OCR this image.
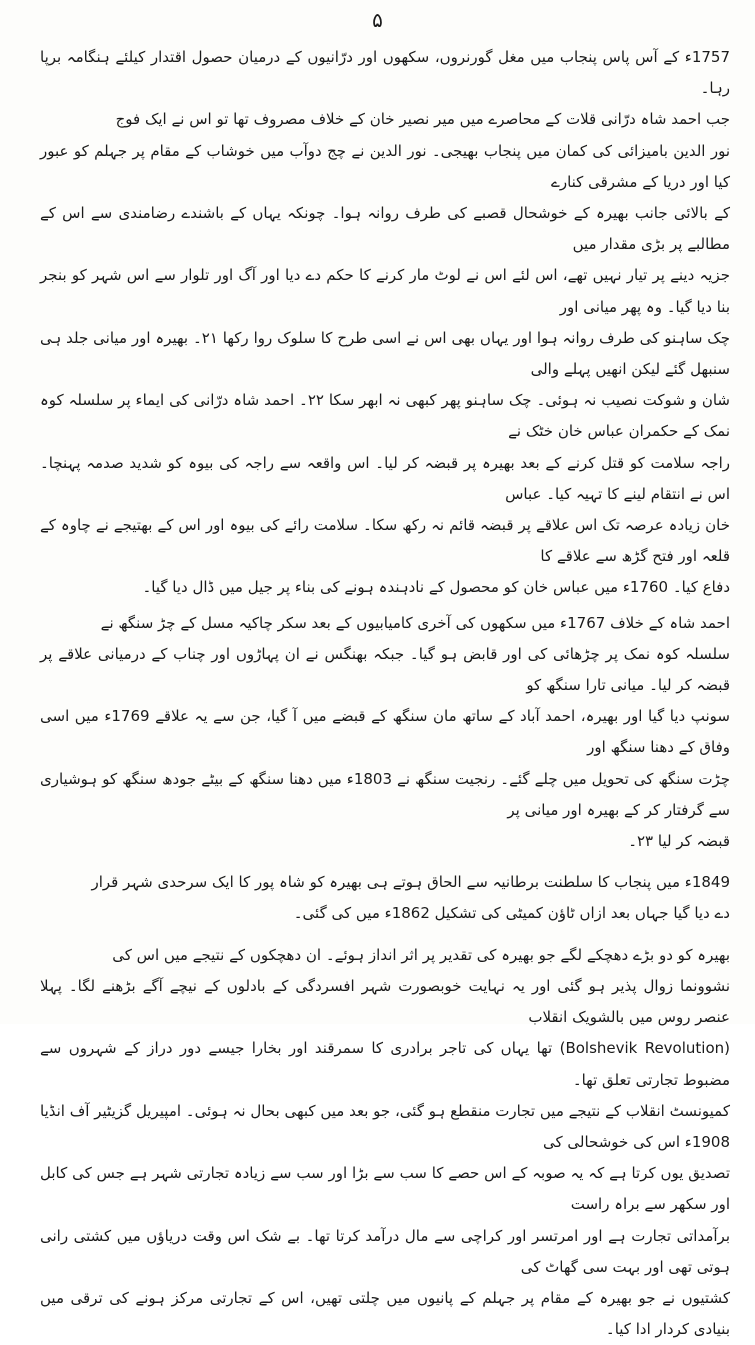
۵

1757ء کے آس پاس پنجاب میں مغل گورنروں، سکھوں اور درّانیوں کے درمیان حصول اقتدار کیلئے ہنگامہ برپا رہا۔

جب احمد شاہ درّانی قلات کے محاصرے میں میر نصیر خان کے خلاف مصروف تھا تو اس نے ایک فوج

نور الدین بامیزائی کی کمان میں پنجاب بھیجی۔ نور الدین نے چج دوآب میں خوشاب کے مقام پر جہلم کو عبور کیا اور دریا کے مشرقی کنارے

کے بالائی جانب بھیرہ کے خوشحال قصبے کی طرف روانہ ہوا۔ چونکہ یہاں کے باشندے رضامندی سے اس کے مطالبے پر بڑی مقدار میں

جزیہ دینے پر تیار نہیں تھے، اس لئے اس نے لوٹ مار کرنے کا حکم دے دیا اور آگ اور تلوار سے اس شہر کو بنجر بنا دیا گیا۔ وہ پھر میانی اور

چک ساہنو کی طرف روانہ ہوا اور یہاں بھی اس نے اسی طرح کا سلوک روا رکھا ۲۱۔ بھیرہ اور میانی جلد ہی سنبھل گئے لیکن انھیں پہلے والی

شان و شوکت نصیب نہ ہوئی۔ چک ساہنو پھر کبھی نہ ابھر سکا ۲۲۔ احمد شاہ درّانی کی ایماء پر سلسلہ کوہ نمک کے حکمران عباس خان خٹک نے

راجہ سلامت کو قتل کرنے کے بعد بھیرہ پر قبضہ کر لیا۔ اس واقعہ سے راجہ کی بیوہ کو شدید صدمہ پہنچا۔ اس نے انتقام لینے کا تہیہ کیا۔ عباس

خان زیادہ عرصہ تک اس علاقے پر قبضہ قائم نہ رکھ سکا۔ سلامت رائے کی بیوہ اور اس کے بھتیجے نے چاوہ کے قلعہ اور فتح گڑھ سے علاقے کا

دفاع کیا۔ 1760ء میں عباس خان کو محصول کے نادہندہ ہونے کی بناء پر جیل میں ڈال دیا گیا۔

احمد شاہ کے خلاف 1767ء میں سکھوں کی آخری کامیابیوں کے بعد سکر چاکیہ مسل کے چڑ سنگھ نے

سلسلہ کوہ نمک پر چڑھائی کی اور قابض ہو گیا۔ جبکہ بھنگس نے ان پہاڑوں اور چناب کے درمیانی علاقے پر قبضہ کر لیا۔ میانی تارا سنگھ کو

سونپ دیا گیا اور بھیرہ، احمد آباد کے ساتھ مان سنگھ کے قبضے میں آ گیا، جن سے یہ علاقے 1769ء میں اسی وفاق کے دھنا سنگھ اور

چڑت سنگھ کی تحویل میں چلے گئے۔ رنجیت سنگھ نے 1803ء میں دھنا سنگھ کے بیٹے جودھ سنگھ کو ہوشیاری سے گرفتار کر کے بھیرہ اور میانی پر

قبضہ کر لیا ۲۳۔

1849ء میں پنجاب کا سلطنت برطانیہ سے الحاق ہوتے ہی بھیرہ کو شاہ پور کا ایک سرحدی شہر قرار

دے دیا گیا جہاں بعد ازاں ٹاؤن کمیٹی کی تشکیل 1862ء میں کی گئی۔

بھیرہ کو دو بڑے دھچکے لگے جو بھیرہ کی تقدیر پر اثر انداز ہوئے۔ ان دھچکوں کے نتیجے میں اس کی

نشوونما زوال پذیر ہو گئی اور یہ نہایت خوبصورت شہر افسردگی کے بادلوں کے نیچے آگے بڑھنے لگا۔ پہلا عنصر روس میں بالشویک انقلاب

(Bolshevik Revolution) تھا یہاں کی تاجر برادری کا سمرقند اور بخارا جیسے دور دراز کے شہروں سے مضبوط تجارتی تعلق تھا۔

کمیونسٹ انقلاب کے نتیجے میں تجارت منقطع ہو گئی، جو بعد میں کبھی بحال نہ ہوئی۔ امپیریل گزیٹیر آف انڈیا 1908ء اس کی خوشحالی کی

تصدیق یوں کرتا ہے کہ یہ صوبہ کے اس حصے کا سب سے بڑا اور سب سے زیادہ تجارتی شہر ہے جس کی کابل اور سکھر سے براہ راست

برآمداتی تجارت ہے اور امرتسر اور کراچی سے مال درآمد کرتا تھا۔ بے شک اس وقت دریاؤں میں کشتی رانی ہوتی تھی اور بہت سی گھاٹ کی

کشتیوں نے جو بھیرہ کے مقام پر جہلم کے پانیوں میں چلتی تھیں، اس کے تجارتی مرکز ہونے کی ترقی میں بنیادی کردار ادا کیا۔
